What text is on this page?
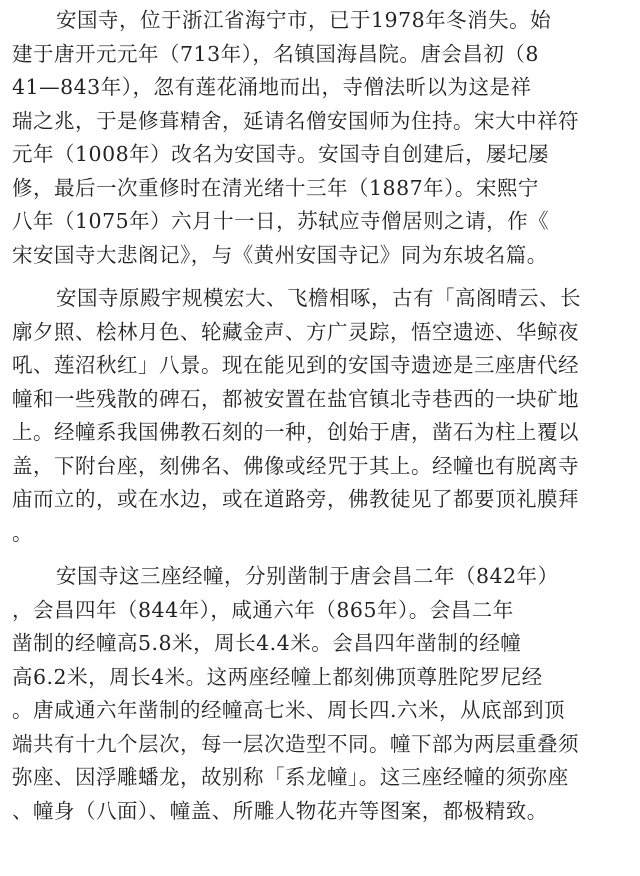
安国寺，位于浙江省海宁市，已于1978年冬消失。始
建于唐开元元年（713年），名镇国海昌院。唐会昌初（8
41—843年），忽有莲花涌地而出，寺僧法昕以为这是祥
瑞之兆，于是修葺精舍，延请名僧安国师为住持。宋大中祥符
元年（1008年）改名为安国寺。安国寺自创建后，屡圮屡
修，最后一次重修时在清光绪十三年（1887年）。宋熙宁
八年（1075年）六月十一日，苏轼应寺僧居则之请，作《
宋安国寺大悲阁记》，与《黄州安国寺记》同为东坡名篇。
安国寺原殿宇规模宏大、飞檐相啄，古有「高阁晴云、长
廓夕照、桧林月色、轮藏金声、方广灵踪，悟空遗迹、华鲸夜
吼、莲沼秋红」八景。现在能见到的安国寺遗迹是三座唐代经
幢和一些残散的碑石，都被安置在盐官镇北寺巷西的一块矿地
上。经幢系我国佛教石刻的一种，创始于唐，凿石为柱上覆以
盖，下附台座，刻佛名、佛像或经咒于其上。经幢也有脱离寺
庙而立的，或在水边，或在道路旁，佛教徒见了都要顶礼膜拜
。
安国寺这三座经幢，分别凿制于唐会昌二年（842年）
，会昌四年（844年），咸通六年（865年）。会昌二年
凿制的经幢高5.8米，周长4.4米。会昌四年凿制的经幢
高6.2米，周长4米。这两座经幢上都刻佛顶尊胜陀罗尼经
。唐咸通六年凿制的经幢高七米、周长四.六米，从底部到顶
端共有十九个层次，每一层次造型不同。幢下部为两层重叠须
弥座、因浮雕蟠龙，故别称「系龙幢」。这三座经幢的须弥座
、幢身（八面）、幢盖、所雕人物花卉等图案，都极精致。
